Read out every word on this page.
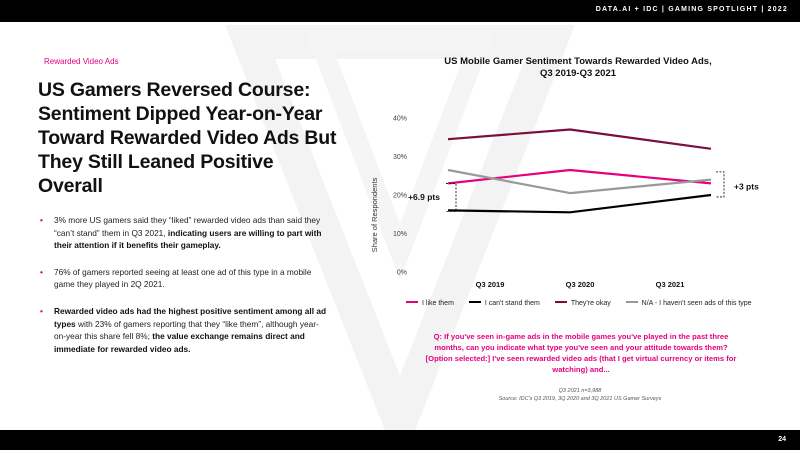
DATA.AI + IDC | GAMING SPOTLIGHT | 2022
Rewarded Video Ads
US Gamers Reversed Course: Sentiment Dipped Year-on-Year Toward Rewarded Video Ads But They Still Leaned Positive Overall
• 3% more US gamers said they “liked” rewarded video ads than said they “can’t stand” them in Q3 2021, indicating users are willing to part with their attention if it benefits their gameplay.
• 76% of gamers reported seeing at least one ad of this type in a mobile game they played in 2Q 2021.
• Rewarded video ads had the highest positive sentiment among all ad types with 23% of gamers reporting that they “like them”, although year-on-year this share fell 8%; the value exchange remains direct and immediate for rewarded video ads.
US Mobile Gamer Sentiment Towards Rewarded Video Ads, Q3 2019-Q3 2021
0%
10%
20%
30%
40%
Share of Respondents
Q3 2019	Q3 2020	Q3 2021
+6.9 pts
+3 pts
I like them	I can't stand them	They're okay	N/A - I haven't seen ads of this type
Q: If you've seen in-game ads in the mobile games you've played in the past three months, can you indicate what type you've seen and your attitude towards them? [Option selected:] I've seen rewarded video ads (that I get virtual currency or items for watching) and...
Q3 2021 n=3,988
Source: IDC's Q3 2019, 3Q 2020 and 3Q 2021 US Gamer Surveys
24
